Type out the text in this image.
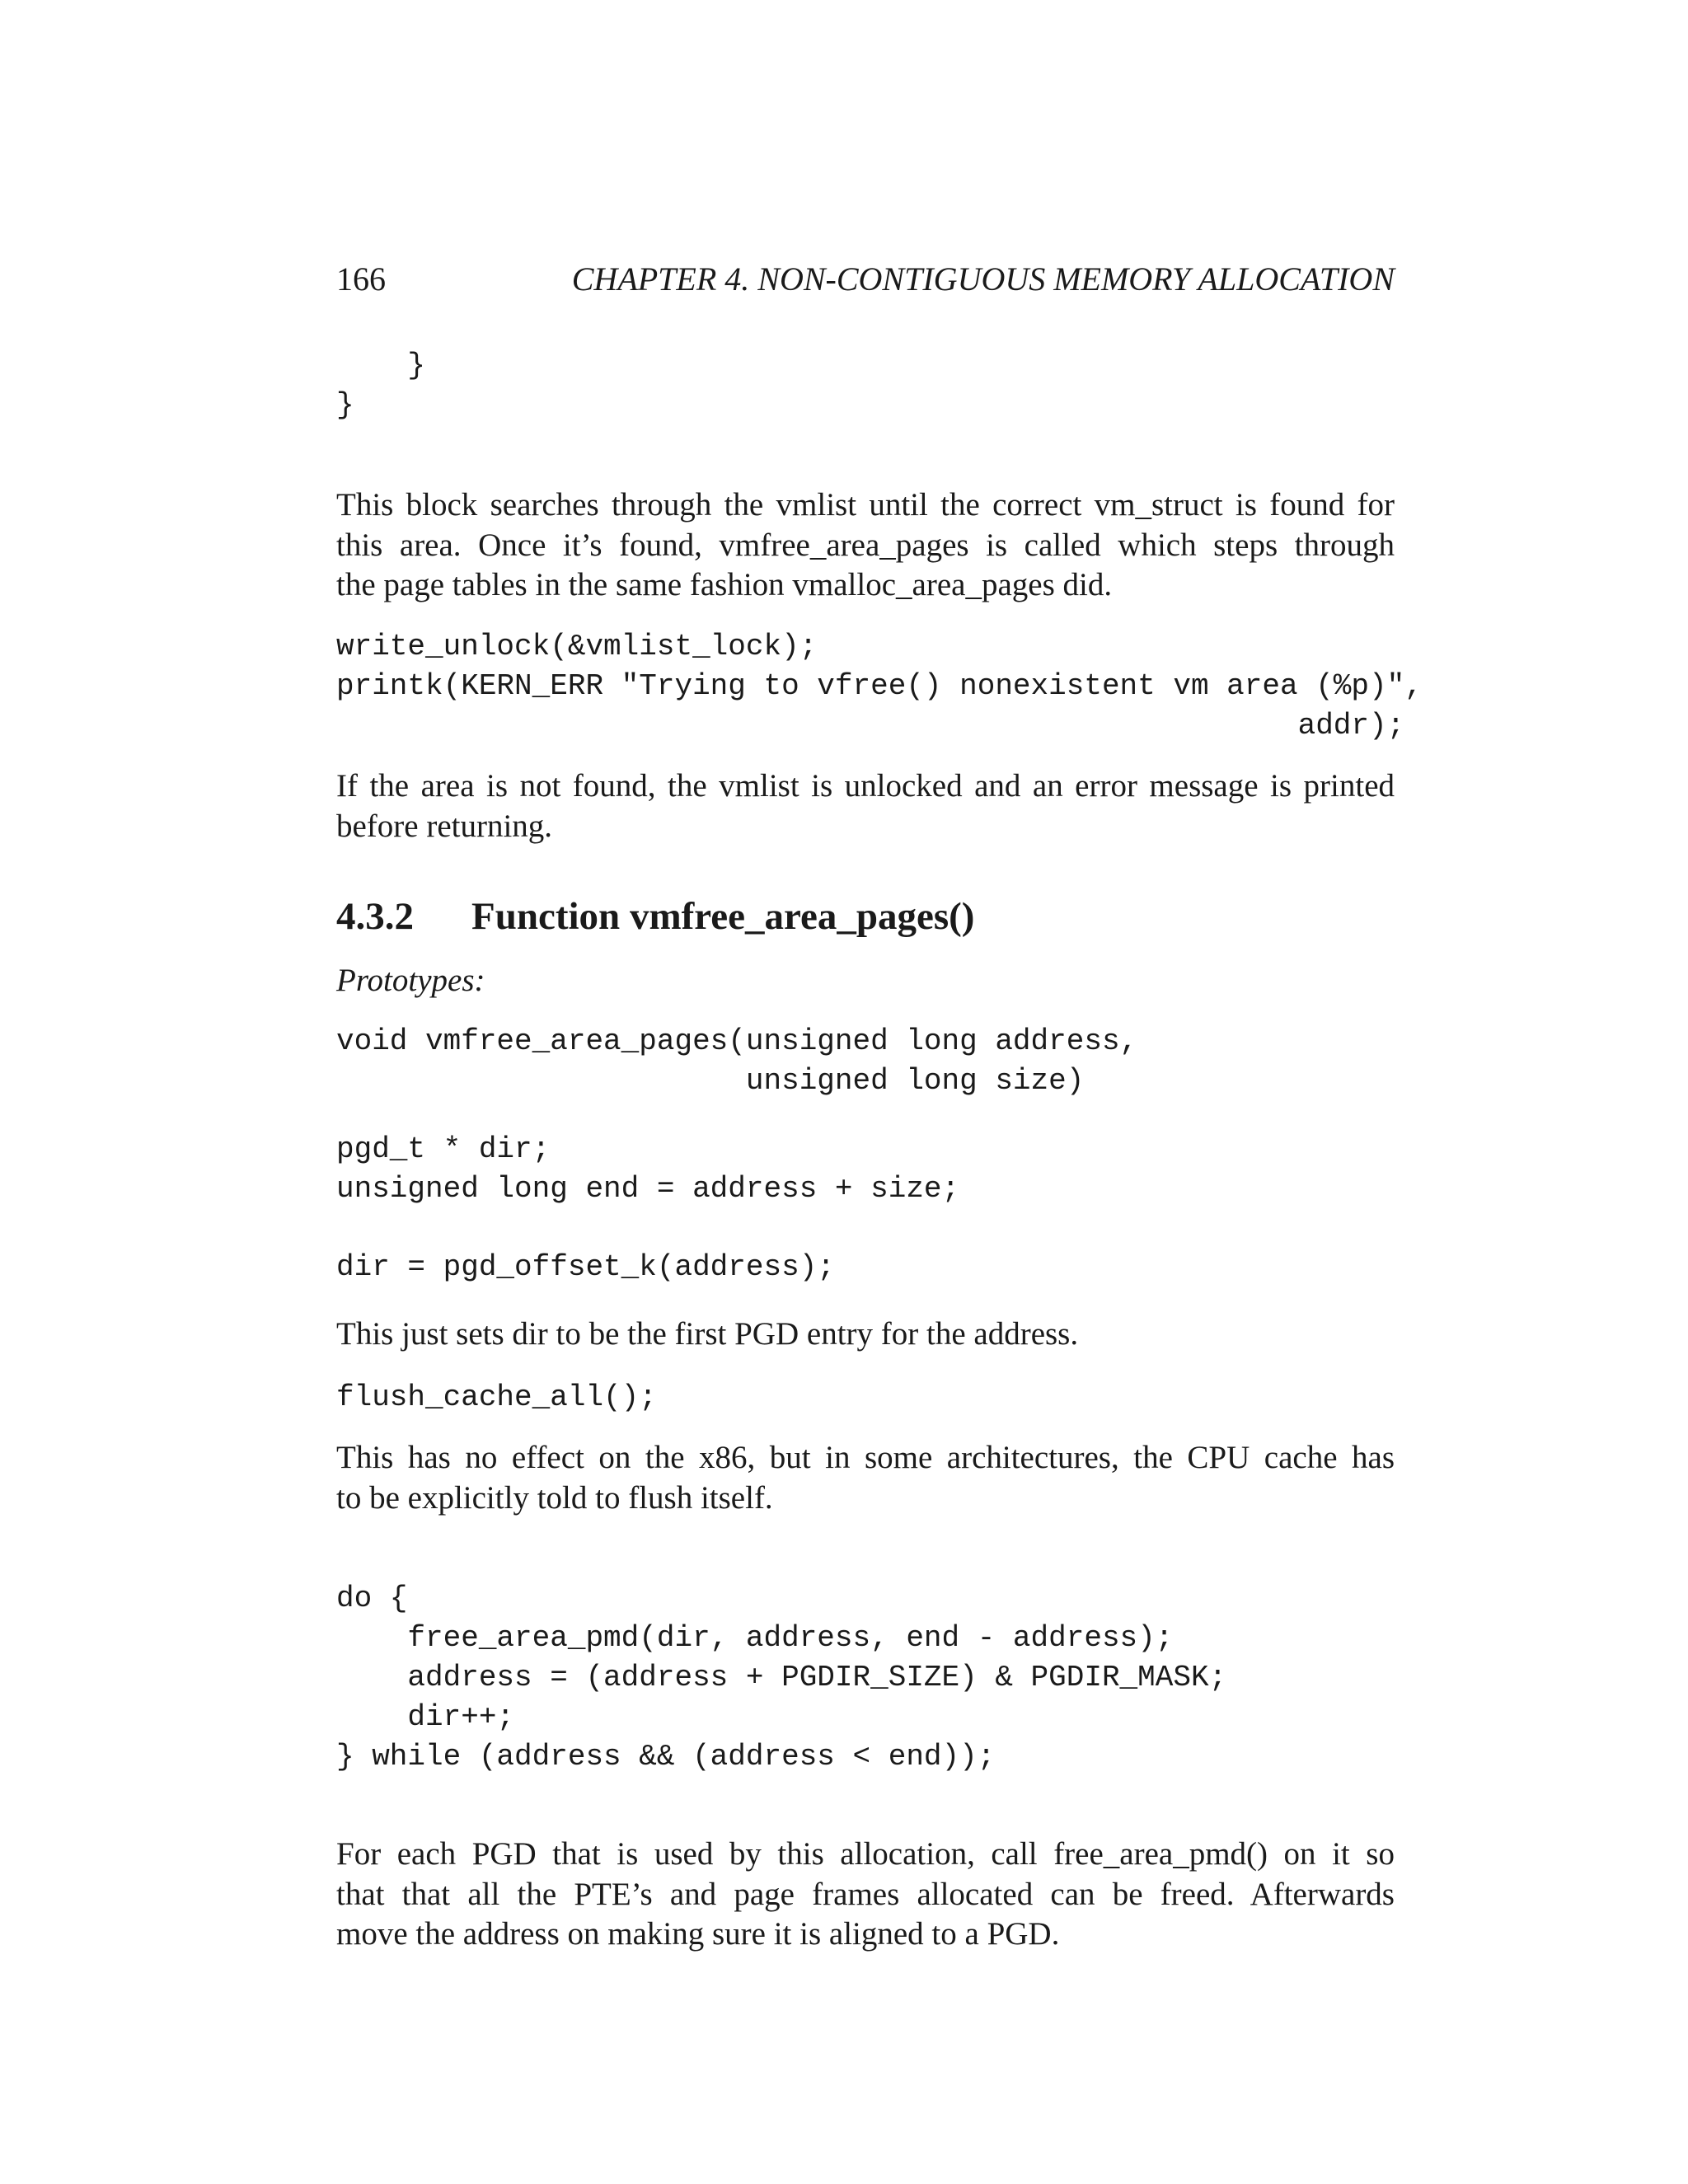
166	CHAPTER 4. NON-CONTIGUOUS MEMORY ALLOCATION
}
}
This block searches through the vmlist until the correct vm_struct is found for
this area. Once it’s found, vmfree_area_pages is called which steps through
the page tables in the same fashion vmalloc_area_pages did.
write_unlock(&vmlist_lock);
printk(KERN_ERR "Trying to vfree() nonexistent vm area (%p)",
addr);
If the area is not found, the vmlist is unlocked and an error message is printed
before returning.
4.3.2 Function vmfree_area_pages()
Prototypes:
void vmfree_area_pages(unsigned long address,
unsigned long size)
pgd_t * dir;
unsigned long end = address + size;
dir = pgd_offset_k(address);
This just sets dir to be the first PGD entry for the address.
flush_cache_all();
This has no effect on the x86, but in some architectures, the CPU cache has
to be explicitly told to flush itself.
do {
free_area_pmd(dir, address, end - address);
address = (address + PGDIR_SIZE) & PGDIR_MASK;
dir++;
} while (address && (address < end));
For each PGD that is used by this allocation, call free_area_pmd() on it so
that that all the PTE’s and page frames allocated can be freed. Afterwards
move the address on making sure it is aligned to a PGD.
